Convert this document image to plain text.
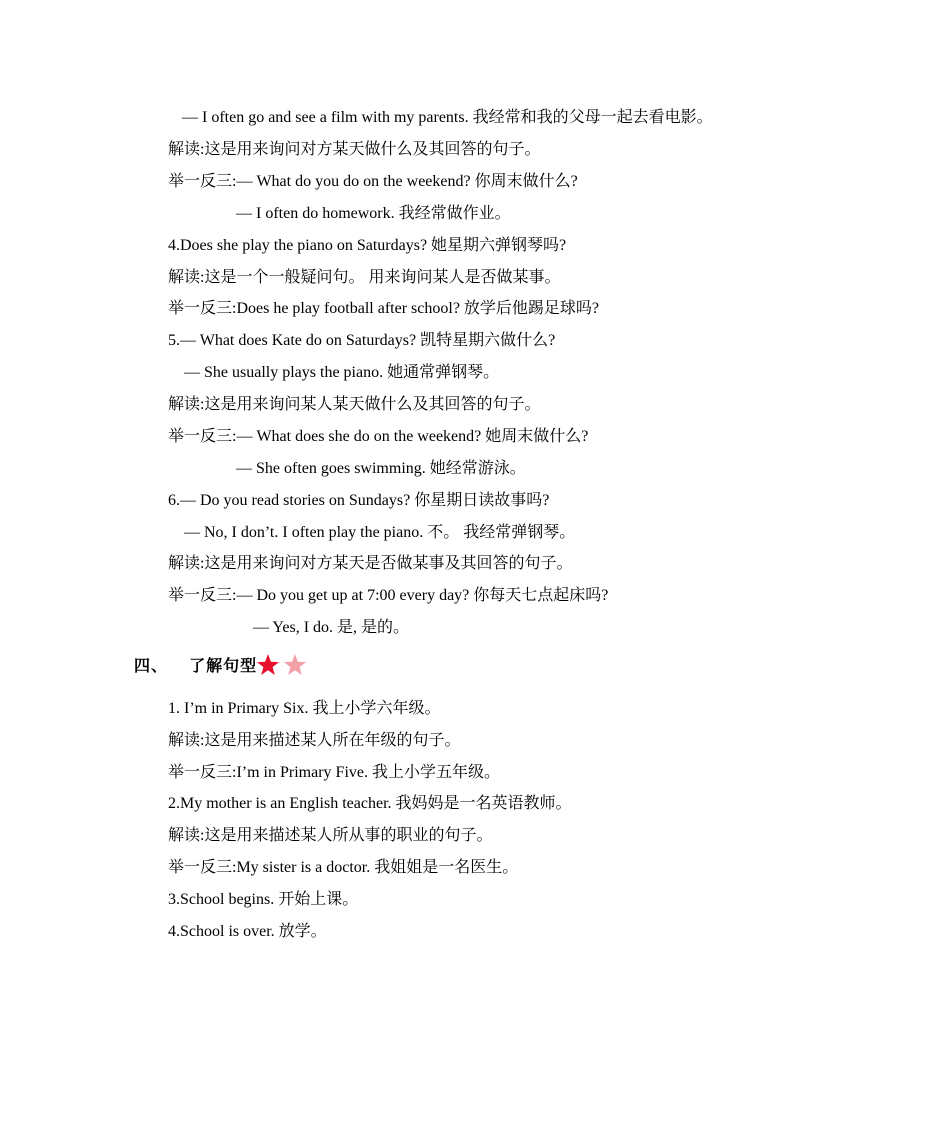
— I often go and see a film with my parents. 我经常和我的父母一起去看电影。
解读:这是用来询问对方某天做什么及其回答的句子。
举一反三:— What do you do on the weekend? 你周末做什么?
— I often do homework. 我经常做作业。
4.Does she play the piano on Saturdays? 她星期六弹钢琴吗?
解读:这是一个一般疑问句。 用来询问某人是否做某事。
举一反三:Does he play football after school? 放学后他踢足球吗?
5.— What does Kate do on Saturdays? 凯特星期六做什么?
— She usually plays the piano. 她通常弹钢琴。
解读:这是用来询问某人某天做什么及其回答的句子。
举一反三:— What does she do on the weekend? 她周末做什么?
— She often goes swimming. 她经常游泳。
6.— Do you read stories on Sundays? 你星期日读故事吗?
— No, I don’t. I often play the piano. 不。 我经常弹钢琴。
解读:这是用来询问对方某天是否做某事及其回答的句子。
举一反三:— Do you get up at 7:00 every day? 你每天七点起床吗?
— Yes, I do. 是, 是的。
四、 了解句型
1. I’m in Primary Six. 我上小学六年级。
解读:这是用来描述某人所在年级的句子。
举一反三:I’m in Primary Five. 我上小学五年级。
2.My mother is an English teacher. 我妈妈是一名英语教师。
解读:这是用来描述某人所从事的职业的句子。
举一反三:My sister is a doctor. 我姐姐是一名医生。
3.School begins. 开始上课。
4.School is over. 放学。
